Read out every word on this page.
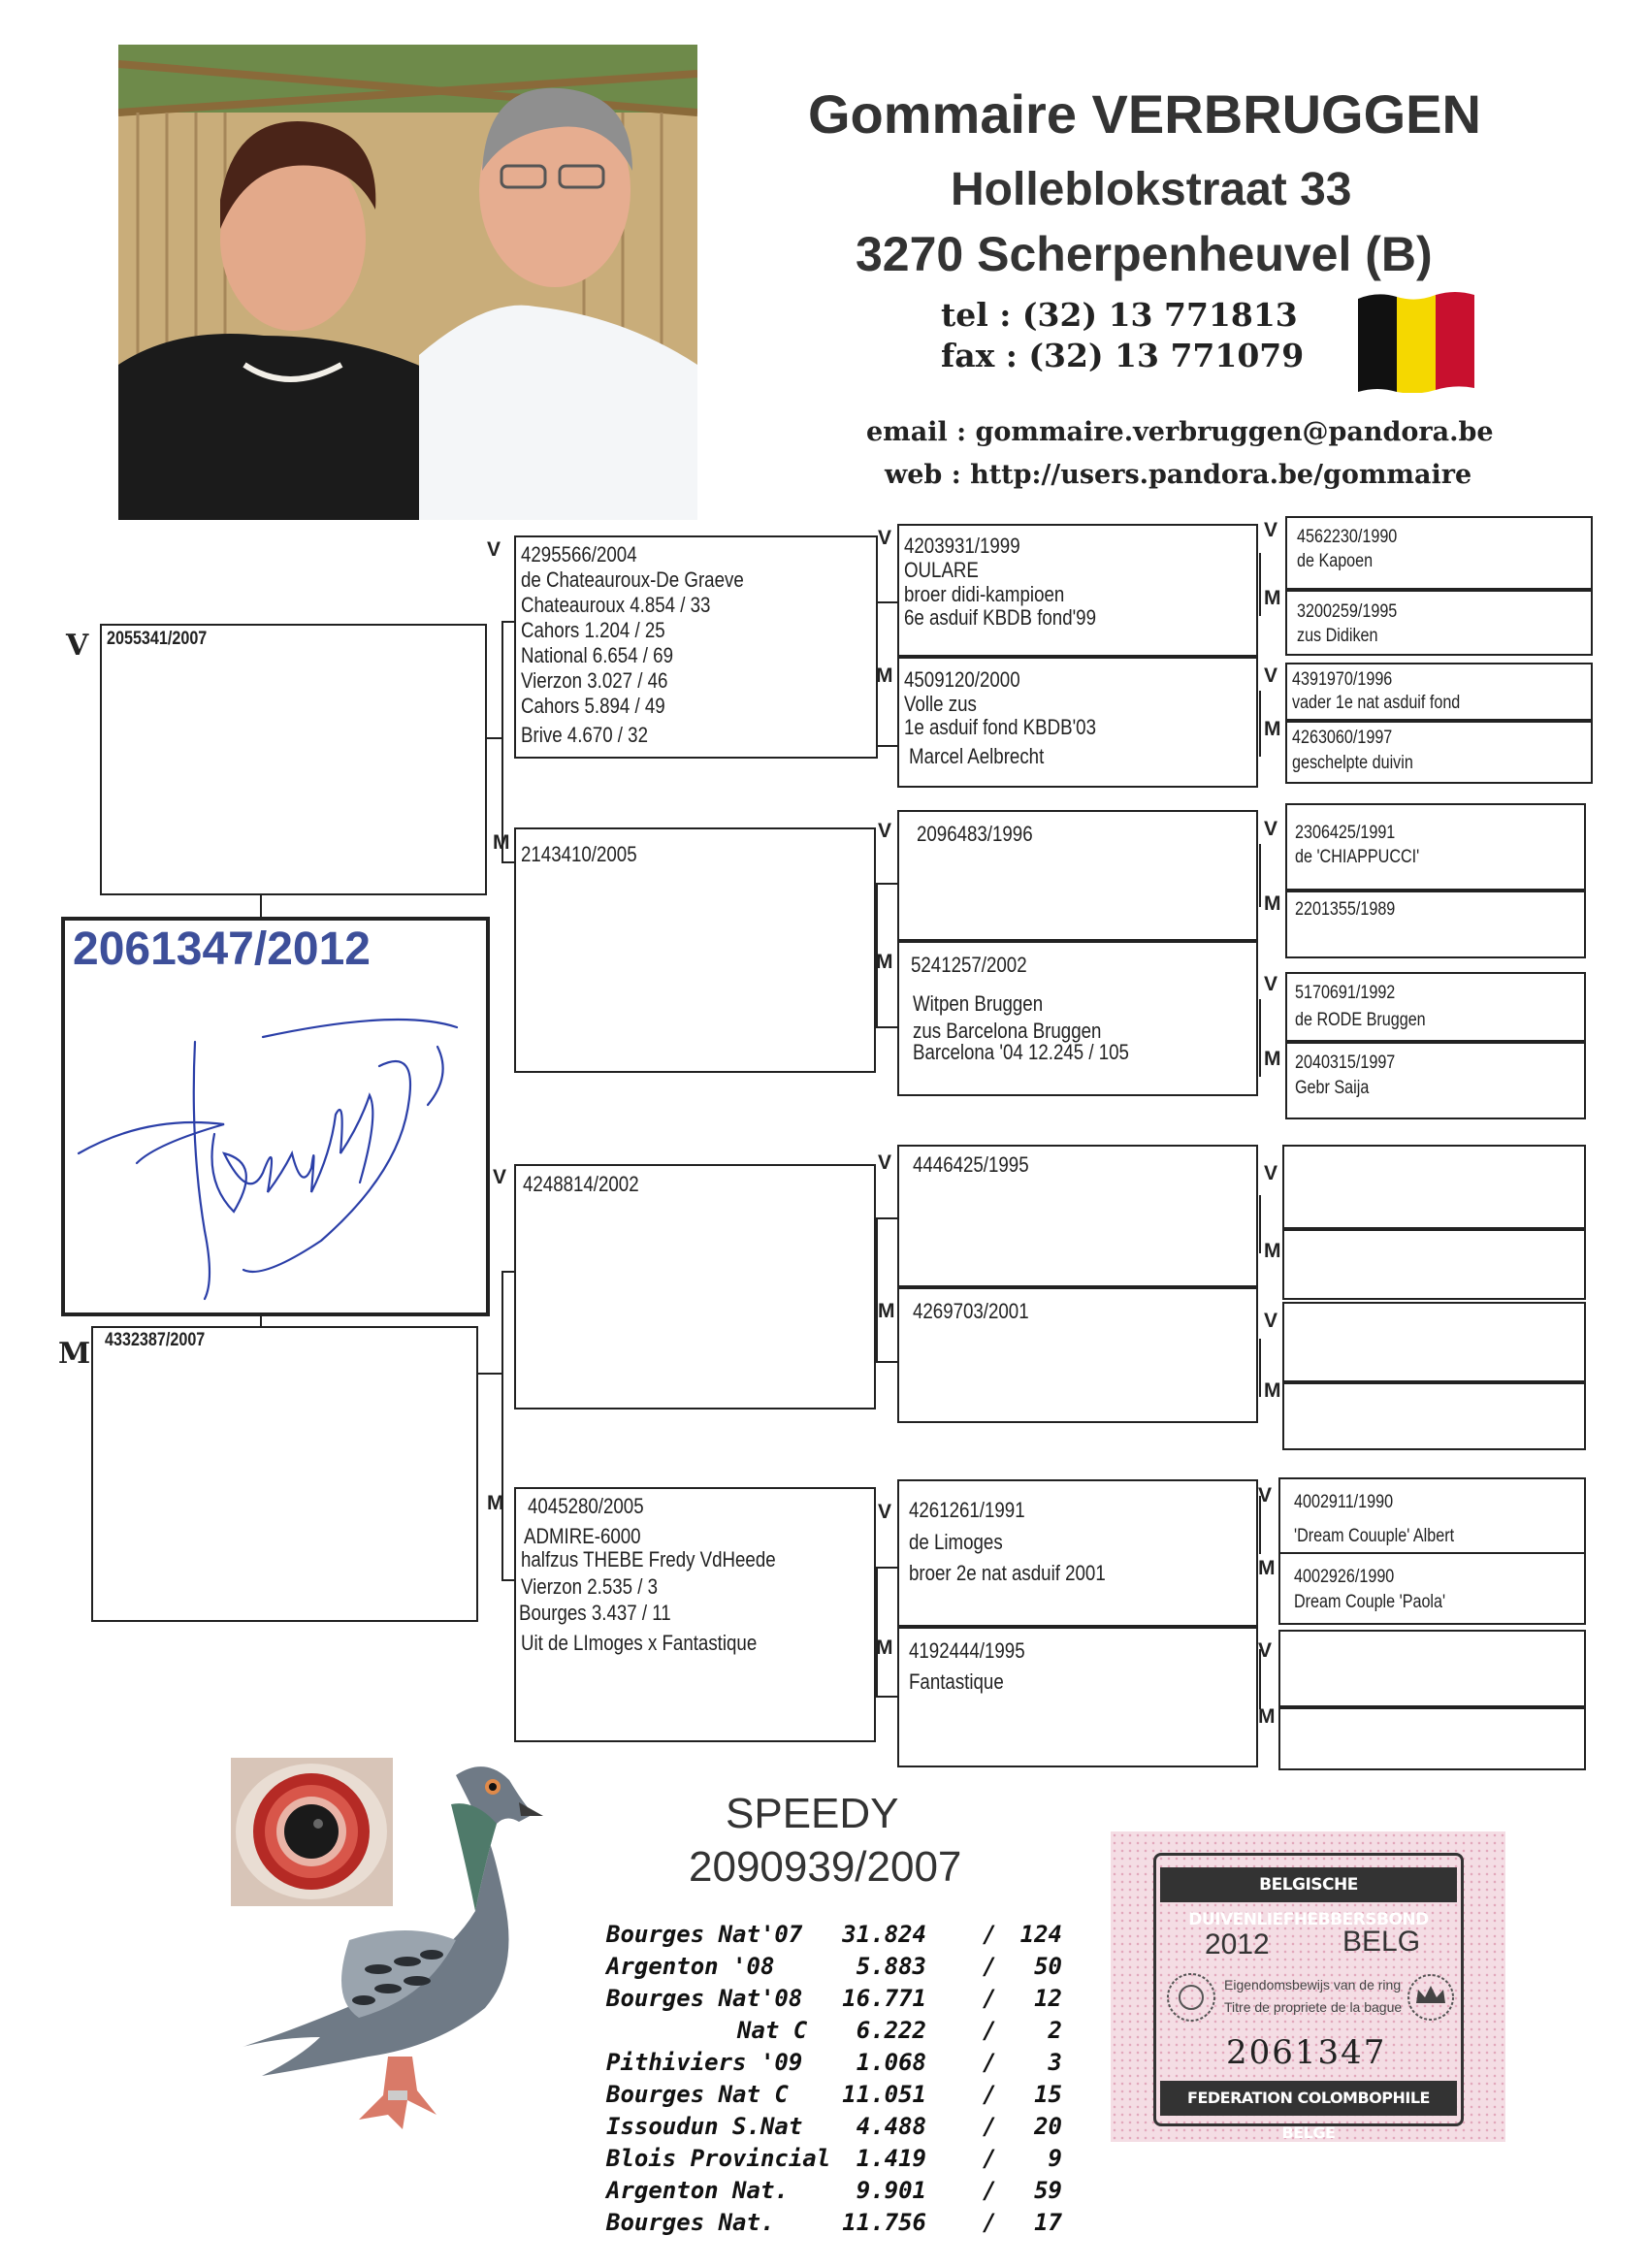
Gommaire VERBRUGGEN
Holleblokstraat 33
3270 Scherpenheuvel (B)
tel : (32) 13 771813
fax : (32) 13 771079
email : gommaire.verbruggen@pandora.be
web : http://users.pandora.be/gommaire
V 2055341/2007
2061347/2012
M 4332387/2007
V 4295566/2004
de Chateauroux-De Graeve
Chateauroux 4.854 / 33
Cahors 1.204 / 25
National 6.654 / 69
Vierzon 3.027 / 46
Cahors 5.894 / 49
Brive 4.670 / 32
M 2143410/2005
V 4248814/2002
M 4045280/2005
ADMIRE-6000
halfzus THEBE Fredy VdHeede
Vierzon 2.535 / 3
Bourges 3.437 / 11
Uit de LImoges x Fantastique
V 4203931/1999
OULARE
broer didi-kampioen
6e asduif KBDB fond'99
M 4509120/2000
Volle zus
1e asduif fond KBDB'03
Marcel Aelbrecht
V 2096483/1996
M 5241257/2002
Witpen Bruggen
zus Barcelona Bruggen
Barcelona '04 12.245 / 105
V 4446425/1995
M 4269703/2001
V 4261261/1991
de Limoges
broer 2e nat asduif 2001
M 4192444/1995
Fantastique
V 4562230/1990
de Kapoen
M
3200259/1995
zus Didiken
V 4391970/1996
vader 1e nat asduif fond
M 4263060/1997
geschelpte duivin
V 2306425/1991
de 'CHIAPPUCCI'
M 2201355/1989
V 5170691/1992
de RODE Bruggen
M 2040315/1997
Gebr Saija
V
M
V
M
V 4002911/1990
'Dream Couuple' Albert
M 4002926/1990
Dream Couple 'Paola'
V
M
SPEEDY
2090939/2007
Bourges Nat'07 31.824 / 124
Argenton '08	5.883 / 50
Bourges Nat'08 16.771 / 12
Nat C 6.222 / 2
Pithiviers '09 1.068 / 3
Bourges Nat C 11.051 / 15
Issoudun S.Nat 4.488 / 20
Blois Provincial 1.419 / 9
Argenton Nat.	9.901 / 59
Bourges Nat.	11.756 / 17
BELGISCHE DUIVENLIEFHEBBERSBOND
2012	BELG
Eigendomsbewijs van de ring
Titre de propriete de la bague
2061347
FEDERATION COLOMBOPHILE BELGE
